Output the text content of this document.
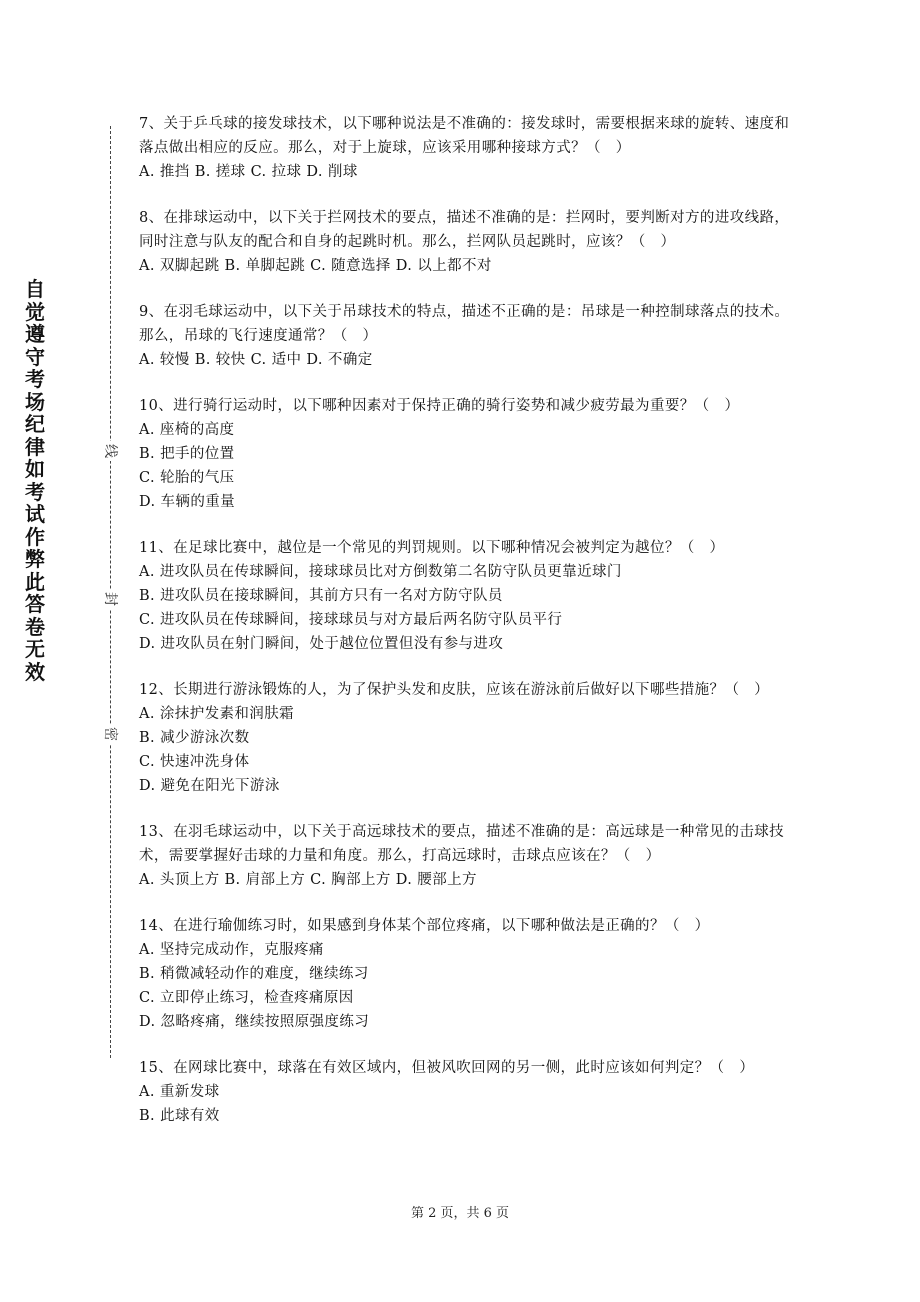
自觉遵守考场纪律如考试作弊此答卷无效
线
封
密

7、关于乒乓球的接发球技术，以下哪种说法是不准确的：接发球时，需要根据来球的旋转、速度和落点做出相应的反应。那么，对于上旋球，应该采用哪种接球方式？（　）

A. 推挡 B. 搓球 C. 拉球 D. 削球

8、在排球运动中，以下关于拦网技术的要点，描述不准确的是：拦网时，要判断对方的进攻线路，同时注意与队友的配合和自身的起跳时机。那么，拦网队员起跳时，应该？（　）

A. 双脚起跳 B. 单脚起跳 C. 随意选择 D. 以上都不对

9、在羽毛球运动中，以下关于吊球技术的特点，描述不正确的是：吊球是一种控制球落点的技术。那么，吊球的飞行速度通常？（　）

A. 较慢 B. 较快 C. 适中 D. 不确定

10、进行骑行运动时，以下哪种因素对于保持正确的骑行姿势和减少疲劳最为重要？（　）

A. 座椅的高度

B. 把手的位置

C. 轮胎的气压

D. 车辆的重量

11、在足球比赛中，越位是一个常见的判罚规则。以下哪种情况会被判定为越位？（　）

A. 进攻队员在传球瞬间，接球球员比对方倒数第二名防守队员更靠近球门

B. 进攻队员在接球瞬间，其前方只有一名对方防守队员

C. 进攻队员在传球瞬间，接球球员与对方最后两名防守队员平行

D. 进攻队员在射门瞬间，处于越位位置但没有参与进攻

12、长期进行游泳锻炼的人，为了保护头发和皮肤，应该在游泳前后做好以下哪些措施？（　）

A. 涂抹护发素和润肤霜

B. 减少游泳次数

C. 快速冲洗身体

D. 避免在阳光下游泳

13、在羽毛球运动中，以下关于高远球技术的要点，描述不准确的是：高远球是一种常见的击球技术，需要掌握好击球的力量和角度。那么，打高远球时，击球点应该在？（　）

A. 头顶上方 B. 肩部上方 C. 胸部上方 D. 腰部上方

14、在进行瑜伽练习时，如果感到身体某个部位疼痛，以下哪种做法是正确的？（　）

A. 坚持完成动作，克服疼痛

B. 稍微减轻动作的难度，继续练习

C. 立即停止练习，检查疼痛原因

D. 忽略疼痛，继续按照原强度练习

15、在网球比赛中，球落在有效区域内，但被风吹回网的另一侧，此时应该如何判定？（　）

A. 重新发球

B. 此球有效

第 2 页，共 6 页
